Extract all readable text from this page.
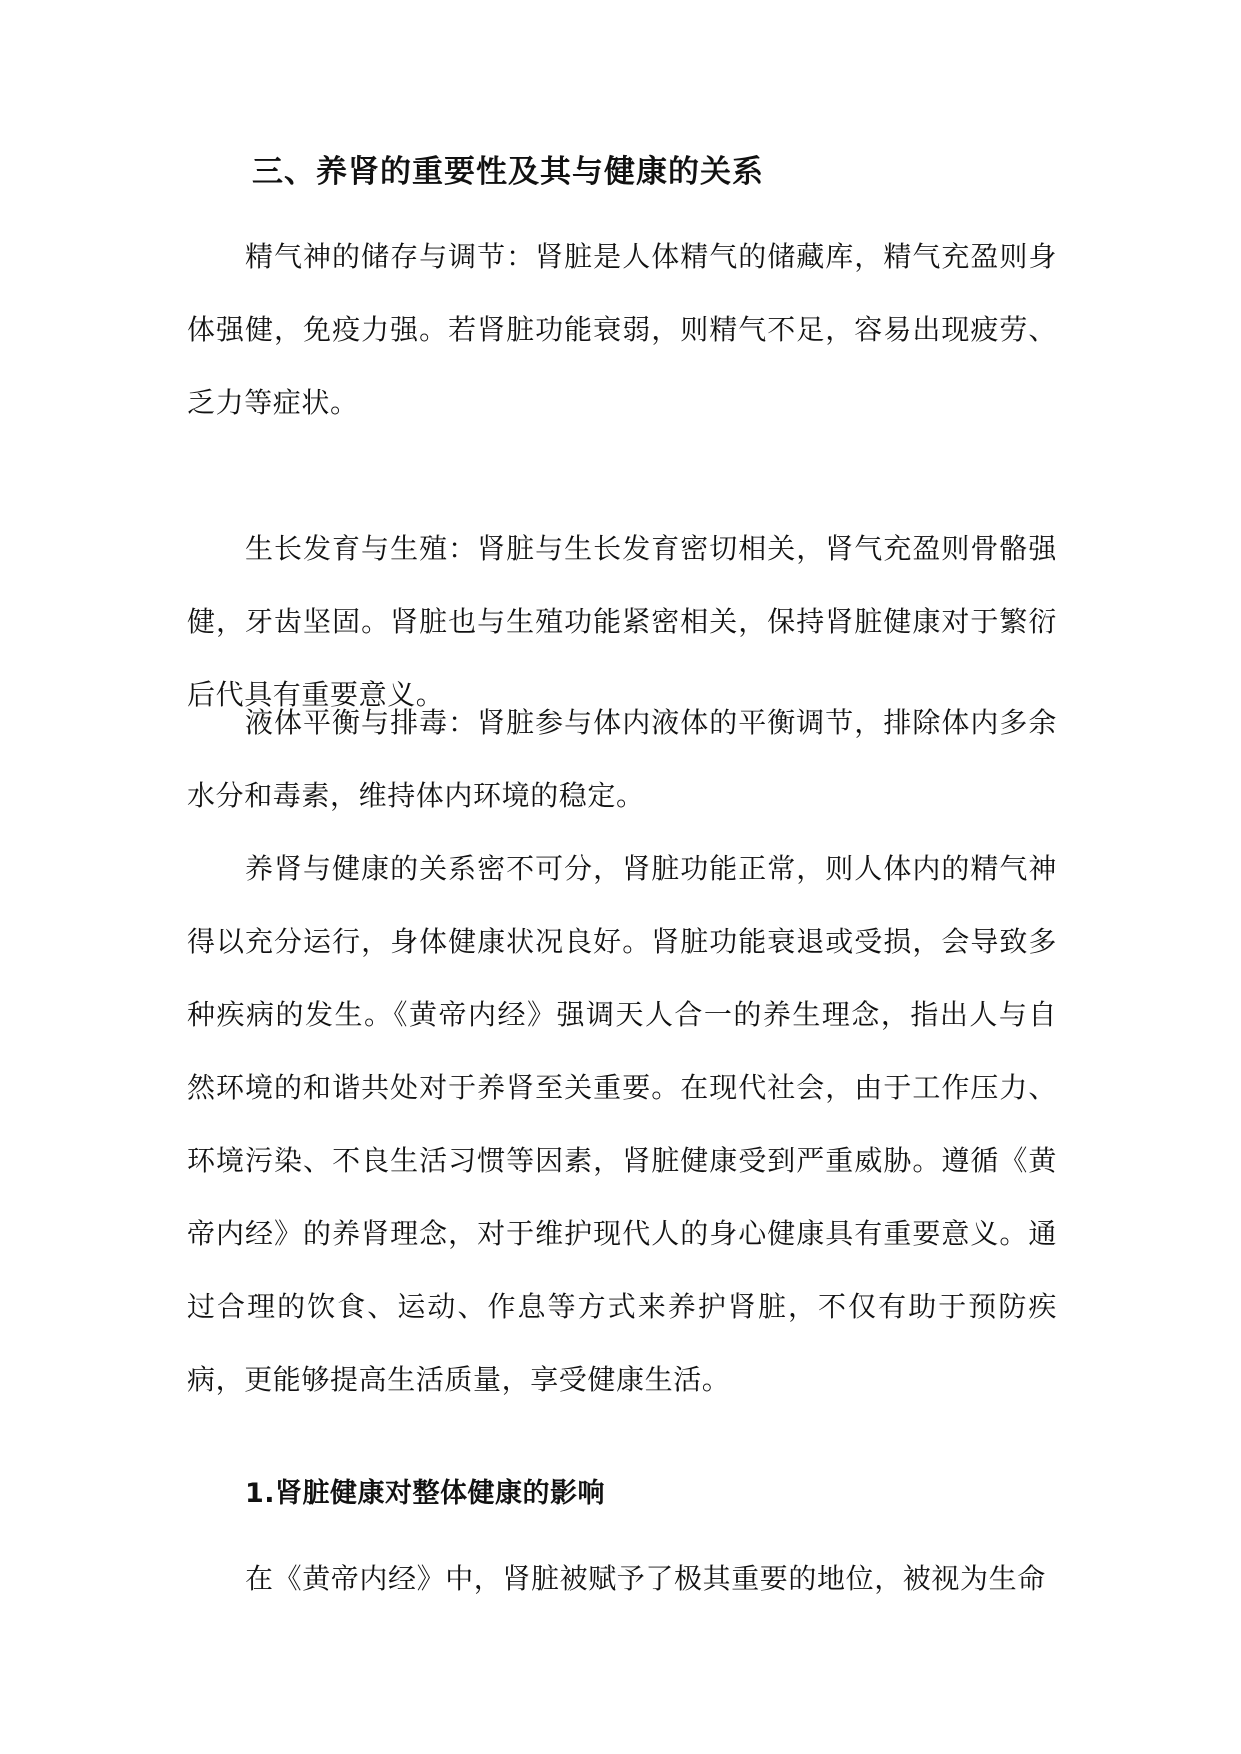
三、养肾的重要性及其与健康的关系

精气神的储存与调节：肾脏是人体精气的储藏库，精气充盈则身体强健，免疫力强。若肾脏功能衰弱，则精气不足，容易出现疲劳、乏力等症状。

生长发育与生殖：肾脏与生长发育密切相关，肾气充盈则骨骼强健，牙齿坚固。肾脏也与生殖功能紧密相关，保持肾脏健康对于繁衍后代具有重要意义。

液体平衡与排毒：肾脏参与体内液体的平衡调节，排除体内多余水分和毒素，维持体内环境的稳定。

养肾与健康的关系密不可分，肾脏功能正常，则人体内的精气神得以充分运行，身体健康状况良好。肾脏功能衰退或受损，会导致多种疾病的发生。《黄帝内经》强调天人合一的养生理念，指出人与自然环境的和谐共处对于养肾至关重要。在现代社会，由于工作压力、环境污染、不良生活习惯等因素，肾脏健康受到严重威胁。遵循《黄帝内经》的养肾理念，对于维护现代人的身心健康具有重要意义。通过合理的饮食、运动、作息等方式来养护肾脏，不仅有助于预防疾病，更能够提高生活质量，享受健康生活。

1.肾脏健康对整体健康的影响

在《黄帝内经》中，肾脏被赋予了极其重要的地位，被视为生命
